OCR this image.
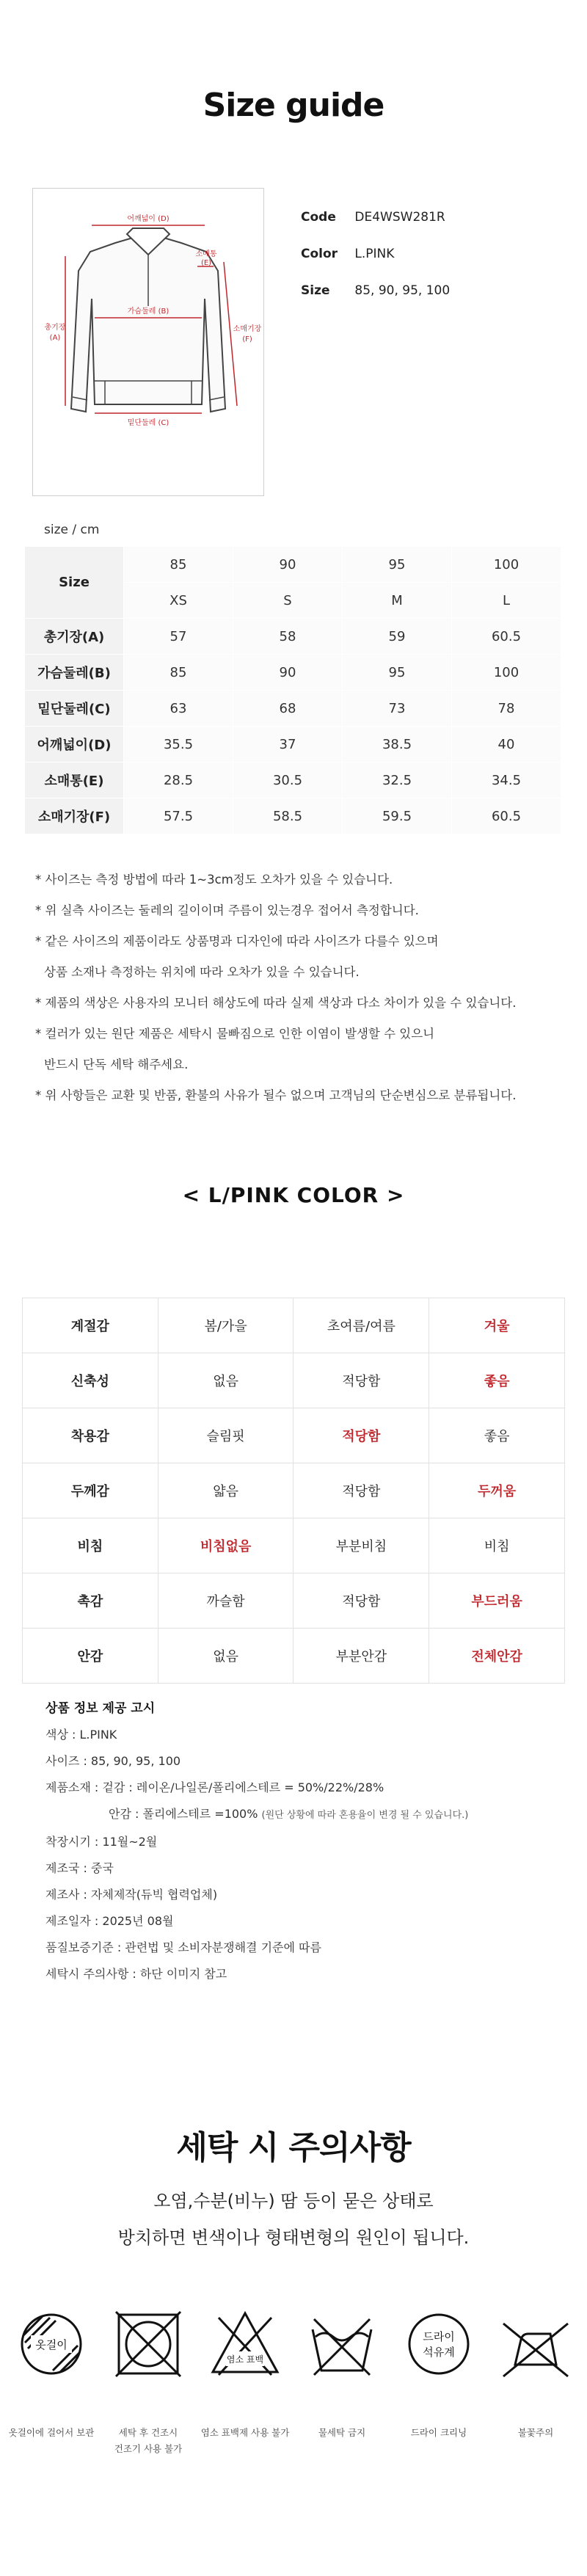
Size guide
어깨넓이 (D)
가슴둘레 (B)
밑단둘레 (C)
총기장
(A)
소매통
(E)
소매기장
(F)
Code DE4WSW281R
Color L.PINK
Size 85, 90, 95, 100
size / cm
Size	85	90	95	100
	XS	S	M	L
총기장(A)	57	58	59	60.5
가슴둘레(B)	85	90	95	100
밑단둘레(C)	63	68	73	78
어깨넓이(D)	35.5	37	38.5	40
소매통(E)	28.5	30.5	32.5	34.5
소매기장(F)	57.5	58.5	59.5	60.5
* 사이즈는 측정 방법에 따라 1~3cm정도 오차가 있을 수 있습니다.
* 위 실측 사이즈는 둘레의 길이이며 주름이 있는경우 접어서 측정합니다.
* 같은 사이즈의 제품이라도 상품명과 디자인에 따라 사이즈가 다를수 있으며
상품 소재나 측정하는 위치에 따라 오차가 있을 수 있습니다.
* 제품의 색상은 사용자의 모니터 해상도에 따라 실제 색상과 다소 차이가 있을 수 있습니다.
* 컬러가 있는 원단 제품은 세탁시 물빠짐으로 인한 이염이 발생할 수 있으니
반드시 단독 세탁 해주세요.
* 위 사항들은 교환 및 반품, 환불의 사유가 될수 없으며 고객님의 단순변심으로 분류됩니다.
< L/PINK COLOR >
계절감	봄/가을	초여름/여름	겨울
신축성	없음	적당함	좋음
착용감	슬림핏	적당함	좋음
두께감	얇음	적당함	두꺼움
비침	비침없음	부분비침	비침
촉감	까슬함	적당함	부드러움
안감	없음	부분안감	전체안감
상품 정보 제공 고시
색상 : L.PINK
사이즈 : 85, 90, 95, 100
제품소재 : 겉감 : 레이온/나일론/폴리에스테르 = 50%/22%/28%
안감 : 폴리에스테르 =100% (원단 상황에 따라 혼용율이 변경 될 수 있습니다.)
착장시기 : 11월~2월
제조국 : 중국
제조사 : 자체제작(듀빅 협력업체)
제조일자 : 2025년 08월
품질보증기준 : 관련법 및 소비자분쟁해결 기준에 따름
세탁시 주의사항 : 하단 이미지 참고
세탁 시 주의사항
오염,수분(비누) 땀 등이 묻은 상태로
방치하면 변색이나 형태변형의 원인이 됩니다.
옷걸이
염소 표백
드라이
석유계
옷걸이에 걸어서 보관	세탁 후 건조시
건조기 사용 불가
염소 표백제 사용 불가	물세탁 금지	드라이 크리닝	불꽃주의
